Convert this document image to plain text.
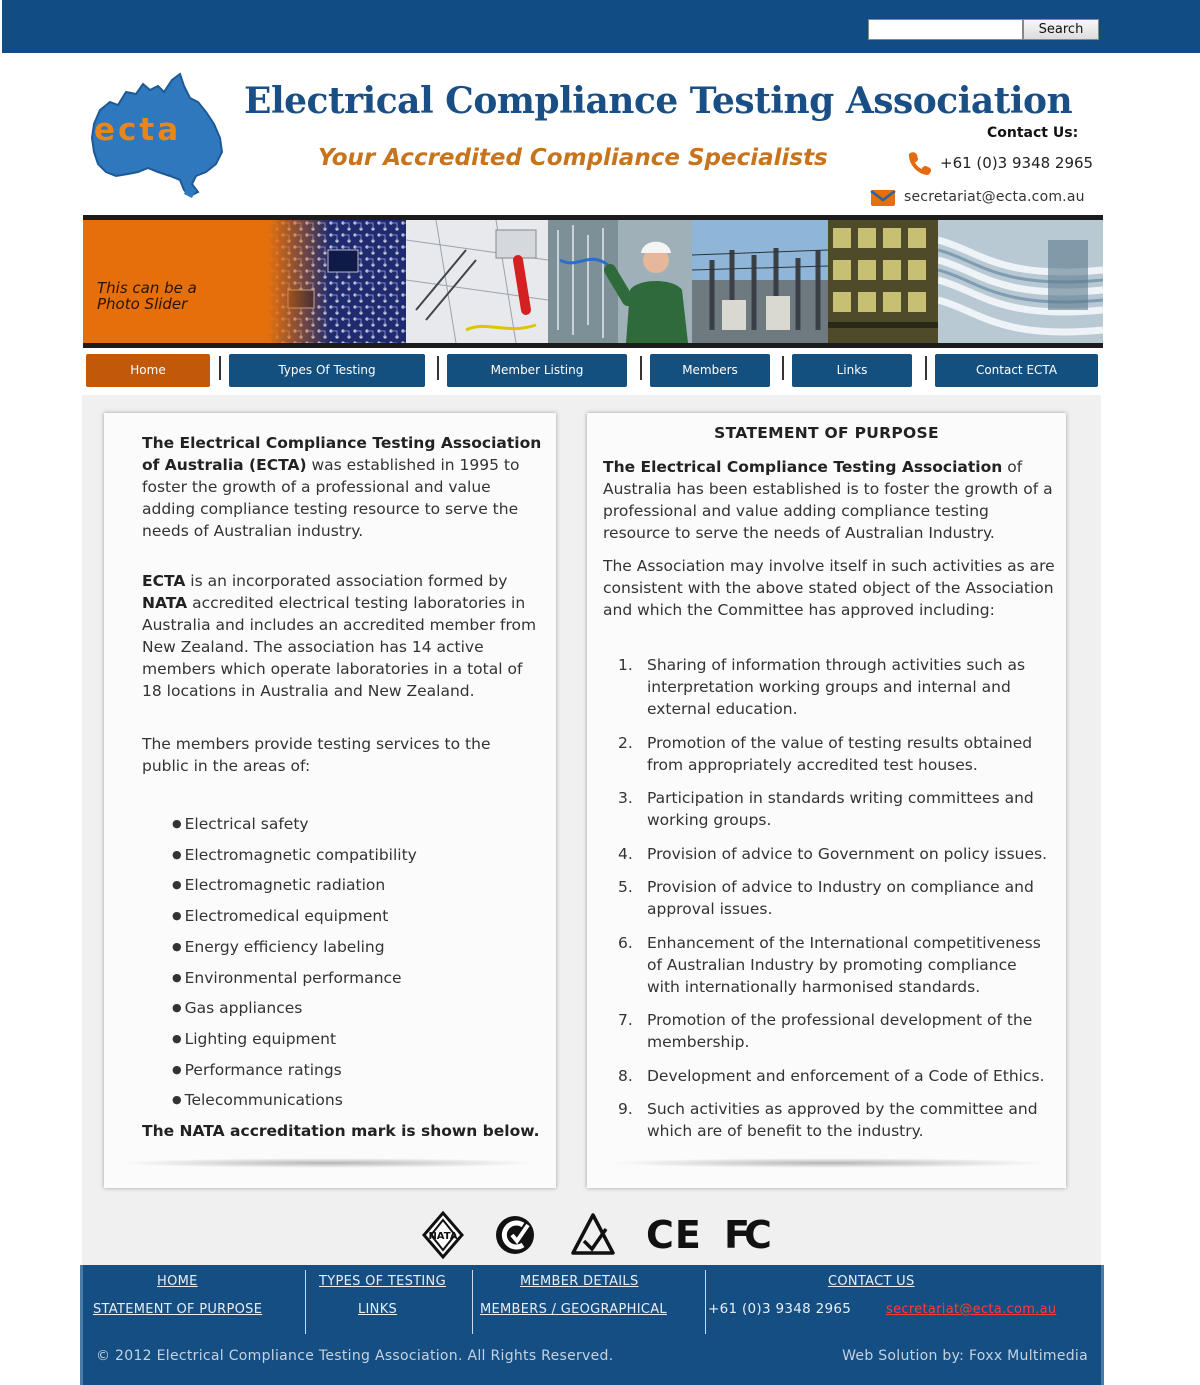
Search
ecta
Electrical Compliance Testing Association
Your Accredited Compliance Specialists
Contact Us:
+61 (0)3 9348 2965
secretariat@ecta.com.au
This can be a
Photo Slider
Home	Types Of Testing	Member Listing	Members	Links	Contact ECTA
The Electrical Compliance Testing Association of Australia (ECTA) was established in 1995 to foster the growth of a professional and value adding compliance testing resource to serve the needs of Australian industry.
ECTA is an incorporated association formed by NATA accredited electrical testing laboratories in Australia and includes an accredited member from New Zealand. The association has 14 active members which operate laboratories in a total of 18 locations in Australia and New Zealand.
The members provide testing services to the public in the areas of:
● Electrical safety
● Electromagnetic compatibility
● Electromagnetic radiation
● Electromedical equipment
● Energy efficiency labeling
● Environmental performance
● Gas appliances
● Lighting equipment
● Performance ratings
● Telecommunications
The NATA accreditation mark is shown below.
STATEMENT OF PURPOSE
The Electrical Compliance Testing Association of Australia has been established is to foster the growth of a professional and value adding compliance testing resource to serve the needs of Australian Industry.
The Association may involve itself in such activities as are consistent with the above stated object of the Association and which the Committee has approved including:
1. Sharing of information through activities such as interpretation working groups and internal and external education.
2. Promotion of the value of testing results obtained from appropriately accredited test houses.
3. Participation in standards writing committees and working groups.
4. Provision of advice to Government on policy issues.
5. Provision of advice to Industry on compliance and approval issues.
6. Enhancement of the International competitiveness of Australian Industry by promoting compliance with internationally harmonised standards.
7. Promotion of the professional development of the membership.
8. Development and enforcement of a Code of Ethics.
9. Such activities as approved by the committee and which are of benefit to the industry.
NATA	CE FC
HOME
STATEMENT OF PURPOSE
TYPES OF TESTING
LINKS
MEMBER DETAILS
MEMBERS / GEOGRAPHICAL
CONTACT US
+61 (0)3 9348 2965	secretariat@ecta.com.au
© 2012 Electrical Compliance Testing Association. All Rights Reserved.	Web Solution by: Foxx Multimedia
